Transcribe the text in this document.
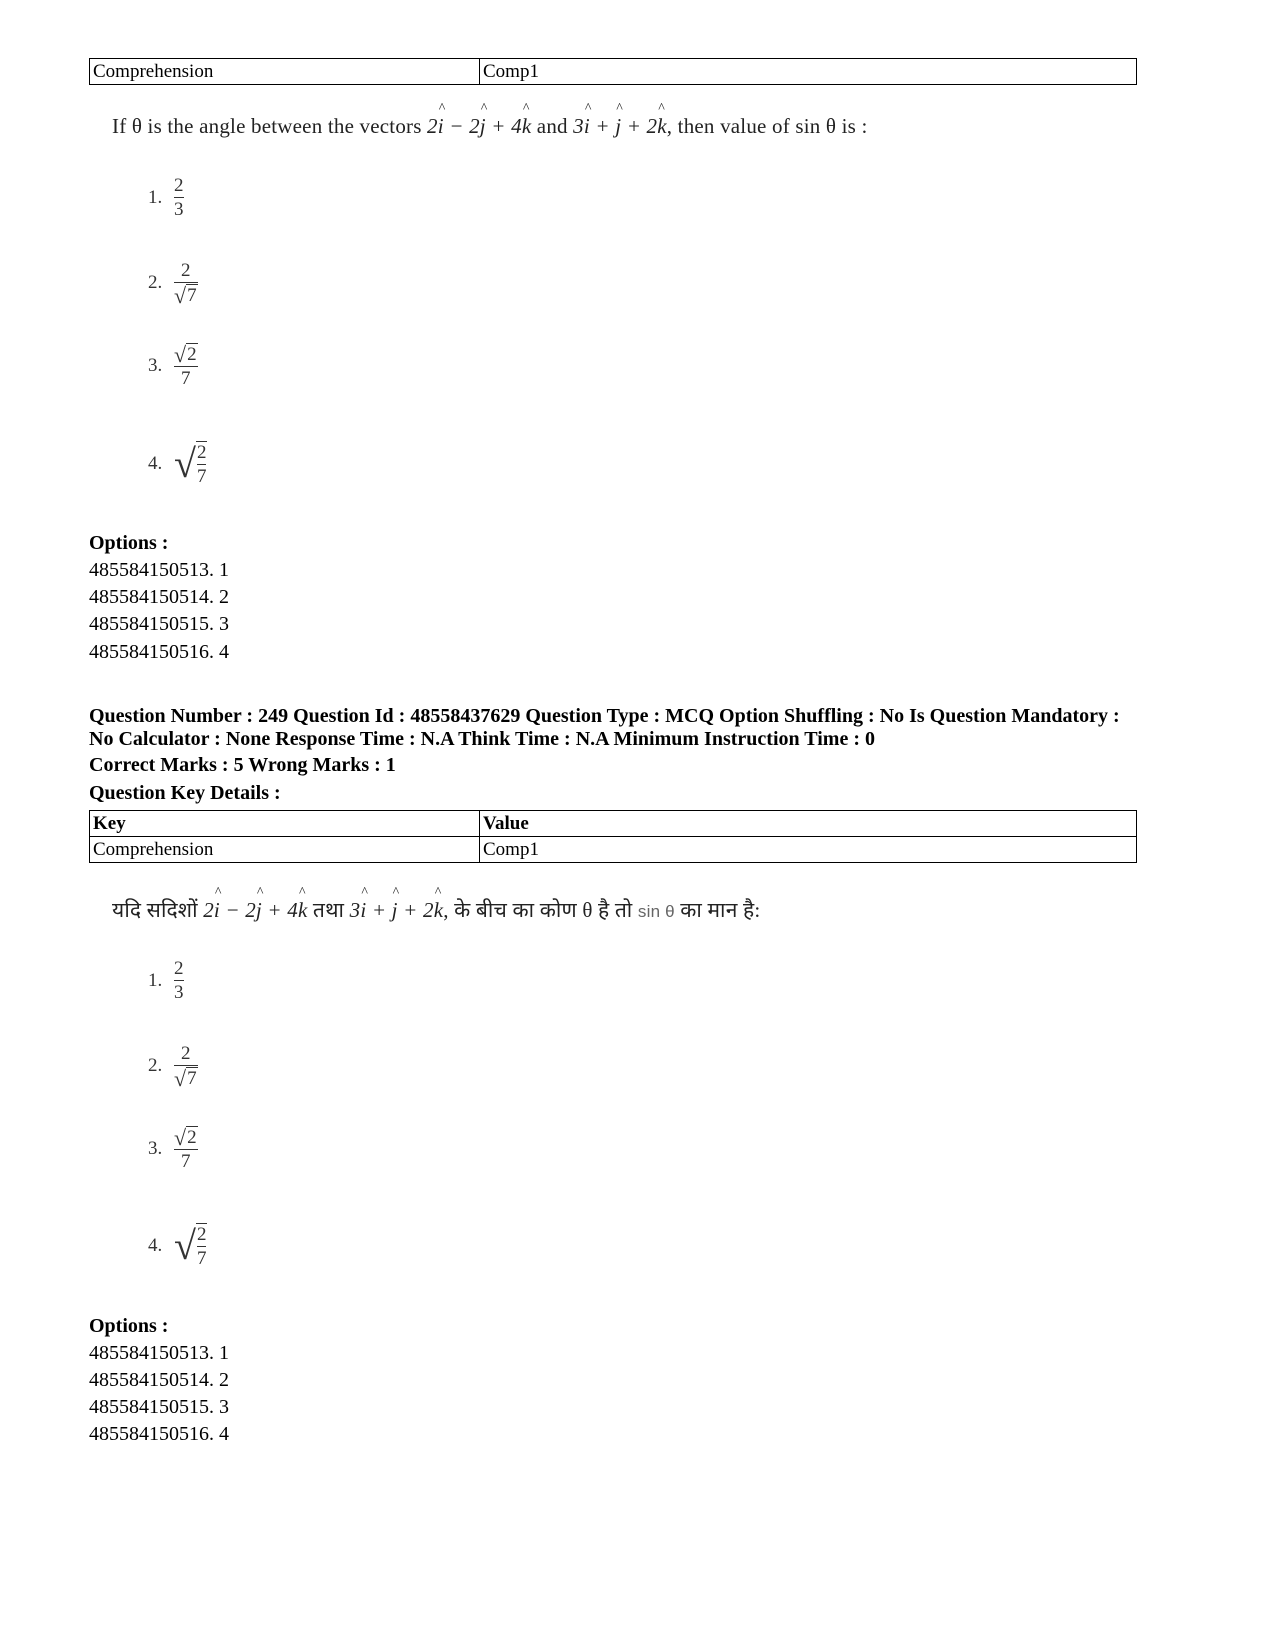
Comprehension	Comp1
If θ is the angle between the vectors 2^ i − 2^ j + 4^ k and 3^ i + ^ j + 2^ k, then value of sin θ is :
1. $\frac{2}{3}$
2. $\frac{2}{√ 7}$
3. $\frac{√ 2}{7}$
4. √ $\frac{2}{7}$
Options :
485584150513. 1
485584150514. 2
485584150515. 3
485584150516. 4
Question Number : 249 Question Id : 48558437629 Question Type : MCQ Option Shuffling : No Is Question Mandatory :
No Calculator : None Response Time : N.A Think Time : N.A Minimum Instruction Time : 0
Correct Marks : 5 Wrong Marks : 1
Question Key Details :
Key	Value
Comprehension	Comp1
यदि सदिशों 2^ i − 2^ j + 4^ k तथा 3^ i + ^ j + 2^ k, के बीच का कोण θ है तो sin θ का मान है:
1. $\frac{2}{3}$
2. $\frac{2}{√ 7}$
3. $\frac{√ 2}{7}$
4. √ $\frac{2}{7}$
Options :
485584150513. 1
485584150514. 2
485584150515. 3
485584150516. 4
